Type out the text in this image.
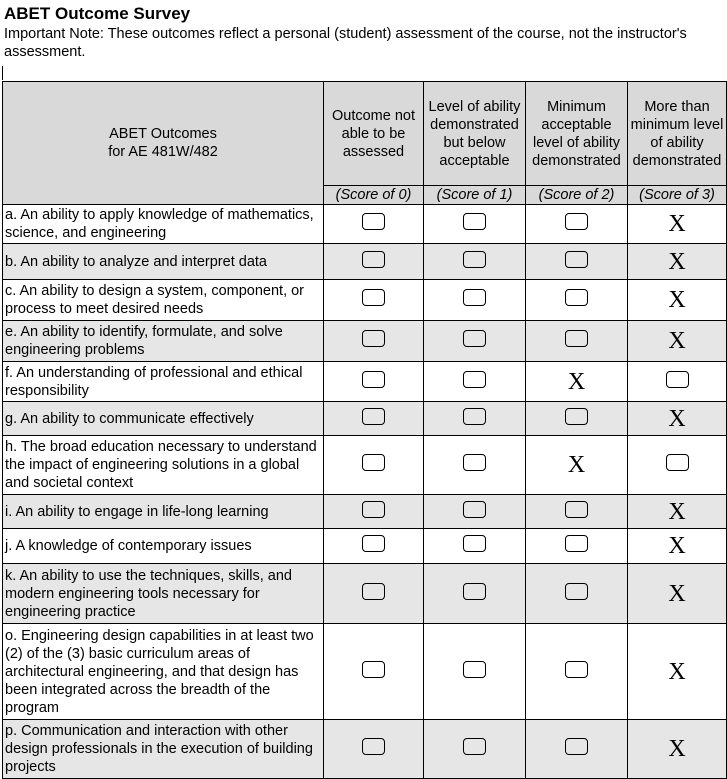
ABET Outcome Survey
Important Note: These outcomes reflect a personal (student) assessment of the course, not the instructor's assessment.
ABET Outcomes
for AE 481W/482	Outcome not able to be assessed	Level of ability demonstrated but below acceptable	Minimum acceptable level of ability demonstrated	More than minimum level of ability demonstrated
	(Score of 0)	(Score of 1)	(Score of 2)	(Score of 3)
a. An ability to apply knowledge of mathematics, science, and engineering				X
b. An ability to analyze and interpret data				X
c. An ability to design a system, component, or process to meet desired needs				X
e. An ability to identify, formulate, and solve engineering problems				X
f. An understanding of professional and ethical responsibility			X	
g. An ability to communicate effectively				X
h. The broad education necessary to understand the impact of engineering solutions in a global and societal context			X	
i. An ability to engage in life-long learning				X
j. A knowledge of contemporary issues				X
k. An ability to use the techniques, skills, and modern engineering tools necessary for engineering practice				X
o. Engineering design capabilities in at least two (2) of the (3) basic curriculum areas of architectural engineering, and that design has been integrated across the breadth of the program				X
p. Communication and interaction with other design professionals in the execution of building projects				X
